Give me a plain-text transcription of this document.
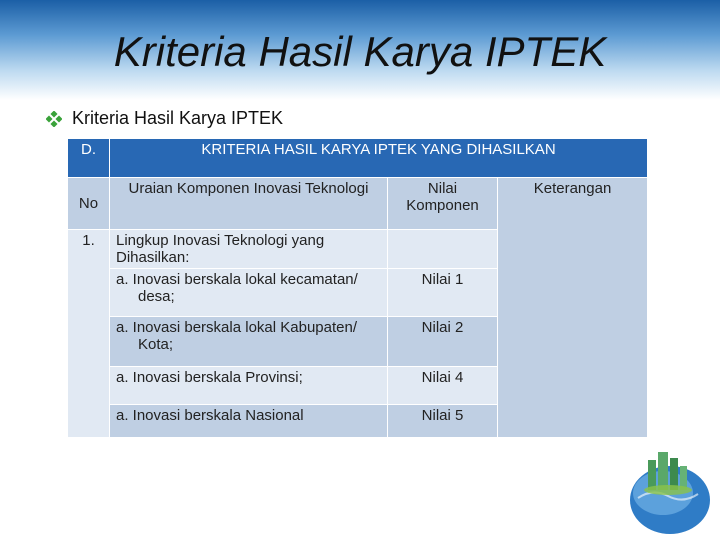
Kriteria Hasil Karya IPTEK
Kriteria Hasil Karya IPTEK
D.	KRITERIA HASIL KARYA IPTEK YANG DIHASILKAN		
No	Uraian Komponen Inovasi Teknologi	Nilai Komponen	Keterangan
1.	Lingkup Inovasi Teknologi yang Dihasilkan:		
	a. Inovasi berskala lokal kecamatan/ desa;	Nilai 1	
	a. Inovasi berskala lokal Kabupaten/ Kota;	Nilai 2	
	a. Inovasi berskala Provinsi;	Nilai 4	
	a. Inovasi berskala Nasional	Nilai 5	
